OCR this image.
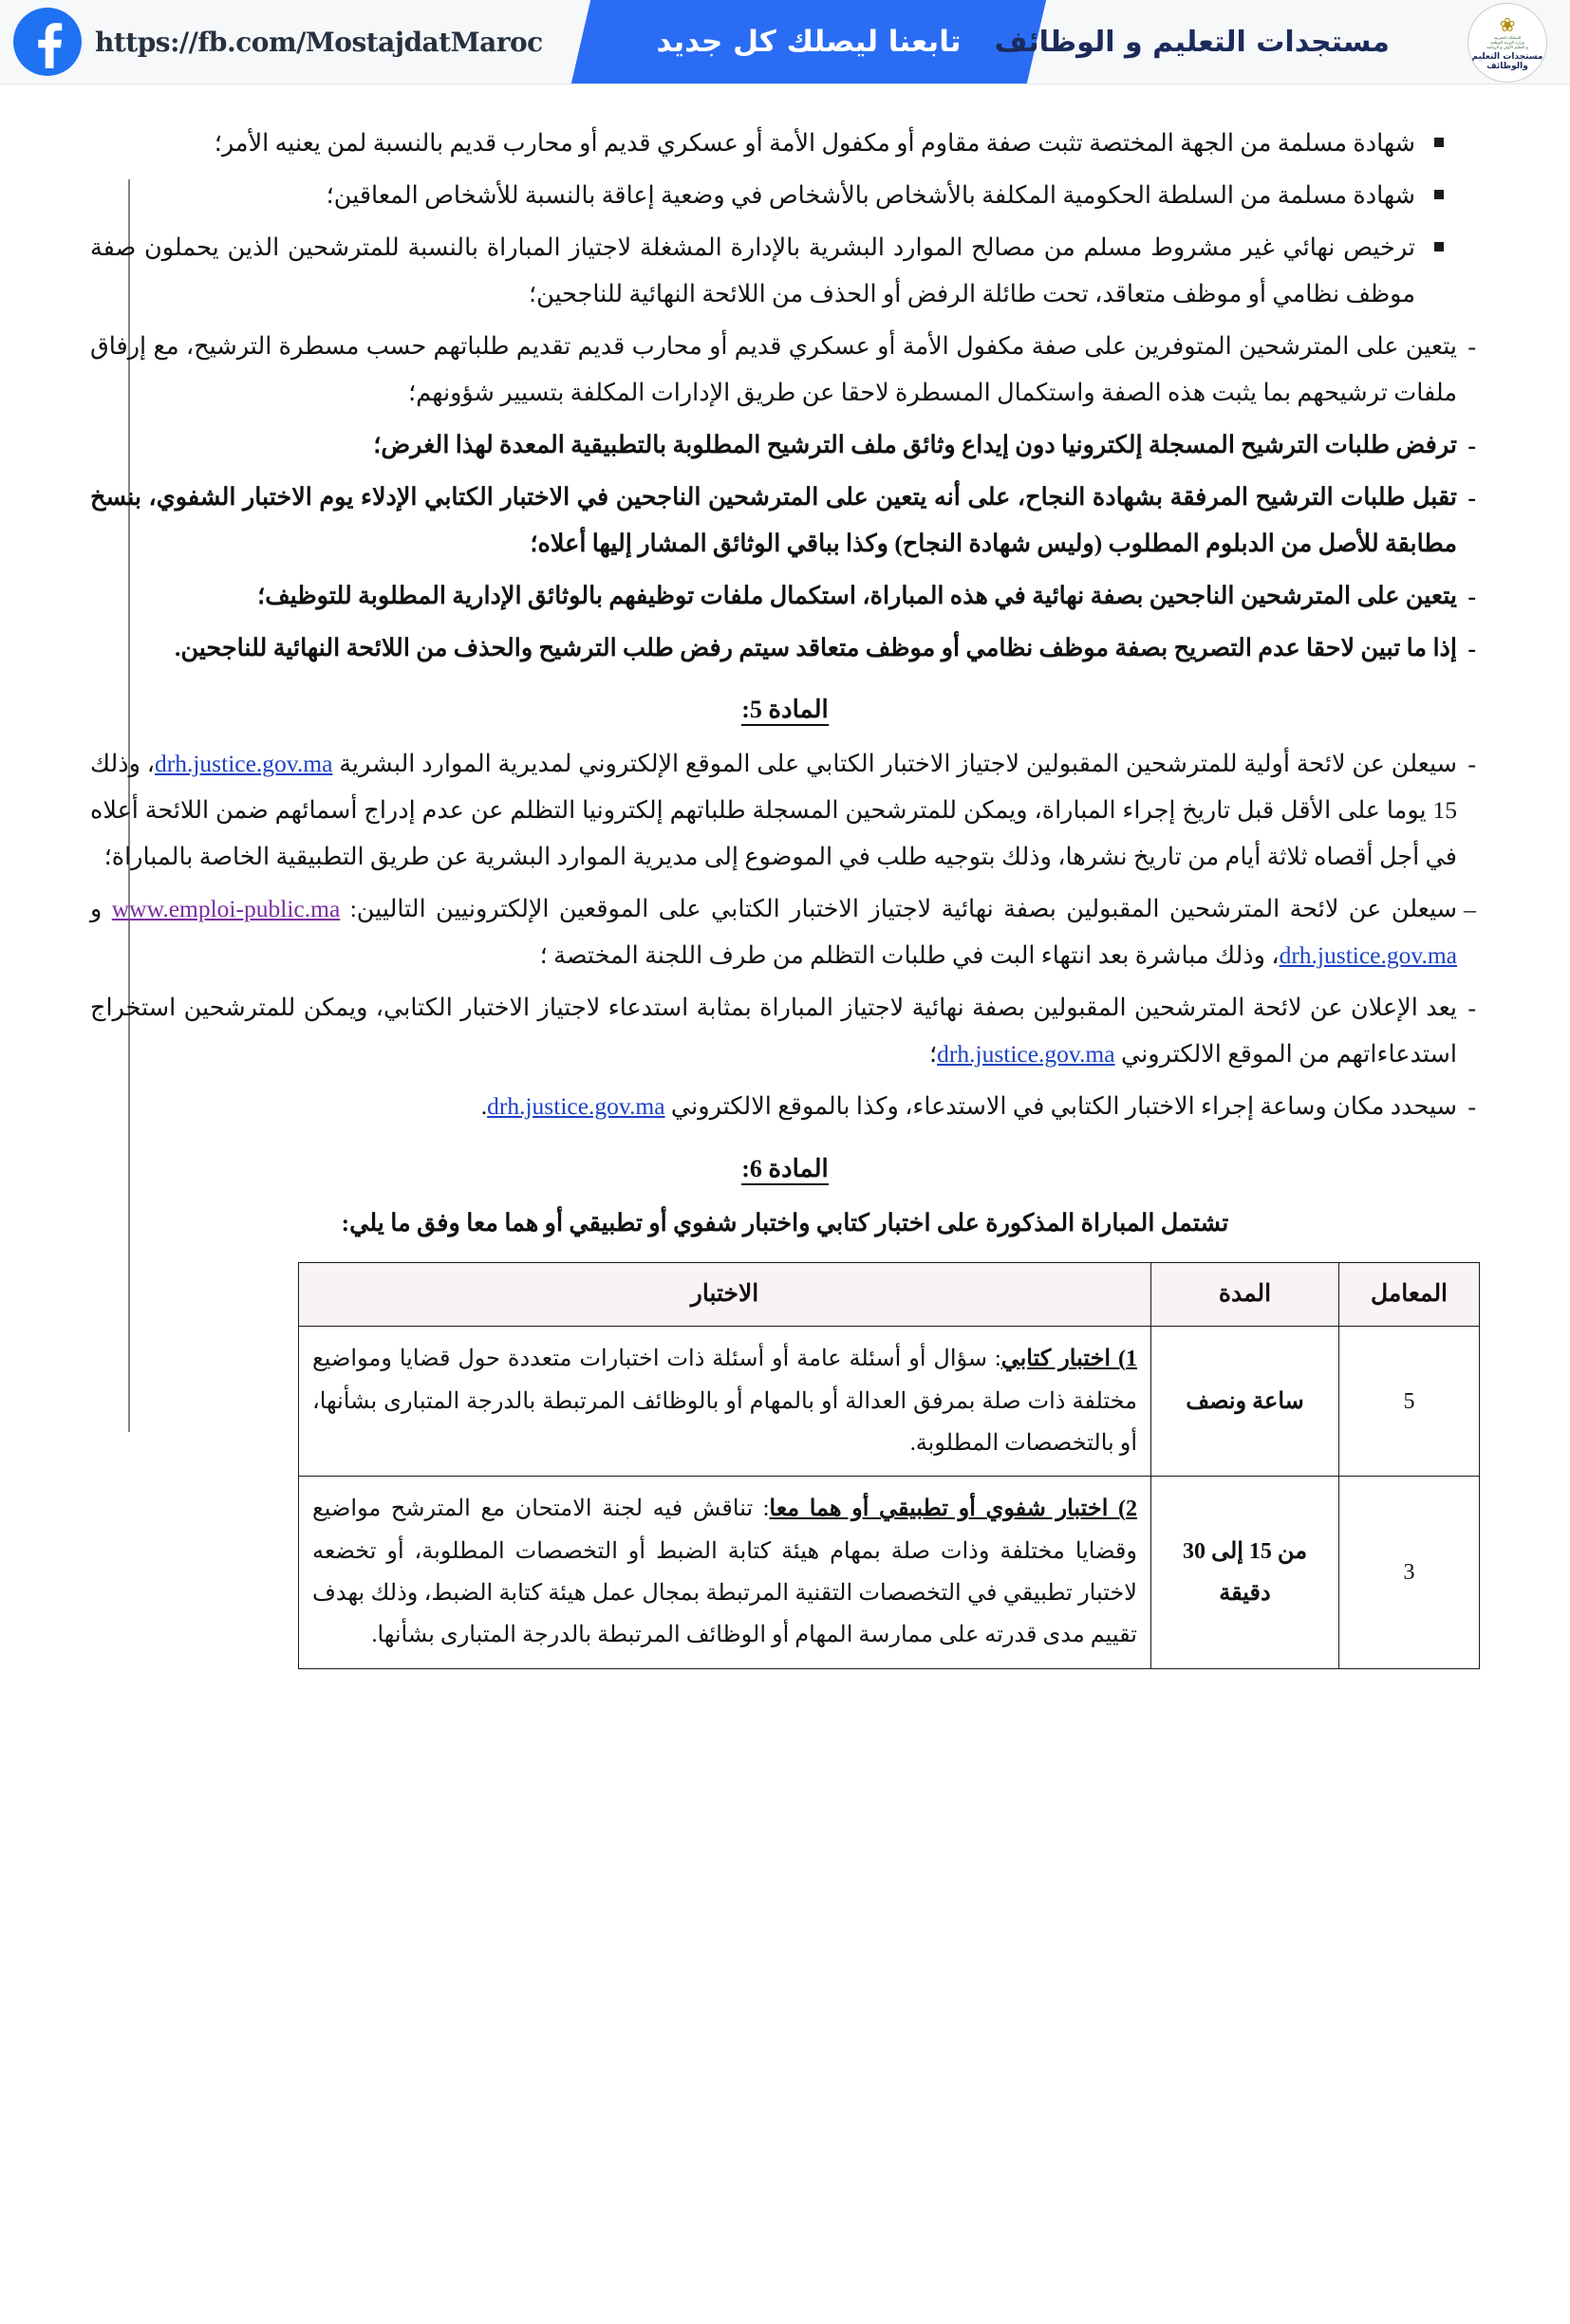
https://fb.com/MostajdatMaroc	تابعنا ليصلك كل جديد	مستجدات التعليم و الوظائف	❀
المملكة المغربية
وزارة التربية الوطنية
و التعليم الأولي و الرياضة
مستجدات التعليم
والوظائف
شهادة مسلمة من الجهة المختصة تثبت صفة مقاوم أو مكفول الأمة أو عسكري قديم أو محارب قديم بالنسبة لمن يعنيه الأمر؛
شهادة مسلمة من السلطة الحكومية المكلفة بالأشخاص بالأشخاص في وضعية إعاقة بالنسبة للأشخاص المعاقين؛
ترخيص نهائي غير مشروط مسلم من مصالح الموارد البشرية بالإدارة المشغلة لاجتياز المباراة بالنسبة للمترشحين الذين يحملون صفة موظف نظامي أو موظف متعاقد، تحت طائلة الرفض أو الحذف من اللائحة النهائية للناجحين؛
- يتعين على المترشحين المتوفرين على صفة مكفول الأمة أو عسكري قديم أو محارب قديم تقديم طلباتهم حسب مسطرة الترشيح، مع إرفاق ملفات ترشيحهم بما يثبت هذه الصفة واستكمال المسطرة لاحقا عن طريق الإدارات المكلفة بتسيير شؤونهم؛
- ترفض طلبات الترشيح المسجلة إلكترونيا دون إيداع وثائق ملف الترشيح المطلوبة بالتطبيقية المعدة لهذا الغرض؛
- تقبل طلبات الترشيح المرفقة بشهادة النجاح، على أنه يتعين على المترشحين الناجحين في الاختبار الكتابي الإدلاء يوم الاختبار الشفوي، بنسخ مطابقة للأصل من الدبلوم المطلوب (وليس شهادة النجاح) وكذا بباقي الوثائق المشار إليها أعلاه؛
- يتعين على المترشحين الناجحين بصفة نهائية في هذه المباراة، استكمال ملفات توظيفهم بالوثائق الإدارية المطلوبة للتوظيف؛
- إذا ما تبين لاحقا عدم التصريح بصفة موظف نظامي أو موظف متعاقد سيتم رفض طلب الترشيح والحذف من اللائحة النهائية للناجحين.
المادة 5:
- سيعلن عن لائحة أولية للمترشحين المقبولين لاجتياز الاختبار الكتابي على الموقع الإلكتروني لمديرية الموارد البشرية drh.justice.gov.ma، وذلك 15 يوما على الأقل قبل تاريخ إجراء المباراة، ويمكن للمترشحين المسجلة طلباتهم إلكترونيا التظلم عن عدم إدراج أسمائهم ضمن اللائحة أعلاه في أجل أقصاه ثلاثة أيام من تاريخ نشرها، وذلك بتوجيه طلب في الموضوع إلى مديرية الموارد البشرية عن طريق التطبيقية الخاصة بالمباراة؛
– سيعلن عن لائحة المترشحين المقبولين بصفة نهائية لاجتياز الاختبار الكتابي على الموقعين الإلكترونيين التاليين: www.emploi-public.ma و drh.justice.gov.ma، وذلك مباشرة بعد انتهاء البت في طلبات التظلم من طرف اللجنة المختصة ؛
- يعد الإعلان عن لائحة المترشحين المقبولين بصفة نهائية لاجتياز المباراة بمثابة استدعاء لاجتياز الاختبار الكتابي، ويمكن للمترشحين استخراج استدعاءاتهم من الموقع الالكتروني drh.justice.gov.ma؛
- سيحدد مكان وساعة إجراء الاختبار الكتابي في الاستدعاء، وكذا بالموقع الالكتروني drh.justice.gov.ma.
المادة 6:
تشتمل المباراة المذكورة على اختبار كتابي واختبار شفوي أو تطبيقي أو هما معا وفق ما يلي:
المعامل	المدة	الاختبار
5	ساعة ونصف	1) اختبار كتابي: سؤال أو أسئلة عامة أو أسئلة ذات اختبارات متعددة حول قضايا ومواضيع مختلفة ذات صلة بمرفق العدالة أو بالمهام أو بالوظائف المرتبطة بالدرجة المتبارى بشأنها، أو بالتخصصات المطلوبة.
3	من 15 إلى 30 دقيقة	2) اختبار شفوي أو تطبيقي أو هما معا: تناقش فيه لجنة الامتحان مع المترشح مواضيع وقضايا مختلفة وذات صلة بمهام هيئة كتابة الضبط أو التخصصات المطلوبة، أو تخضعه لاختبار تطبيقي في التخصصات التقنية المرتبطة بمجال عمل هيئة كتابة الضبط، وذلك بهدف تقييم مدى قدرته على ممارسة المهام أو الوظائف المرتبطة بالدرجة المتبارى بشأنها.
